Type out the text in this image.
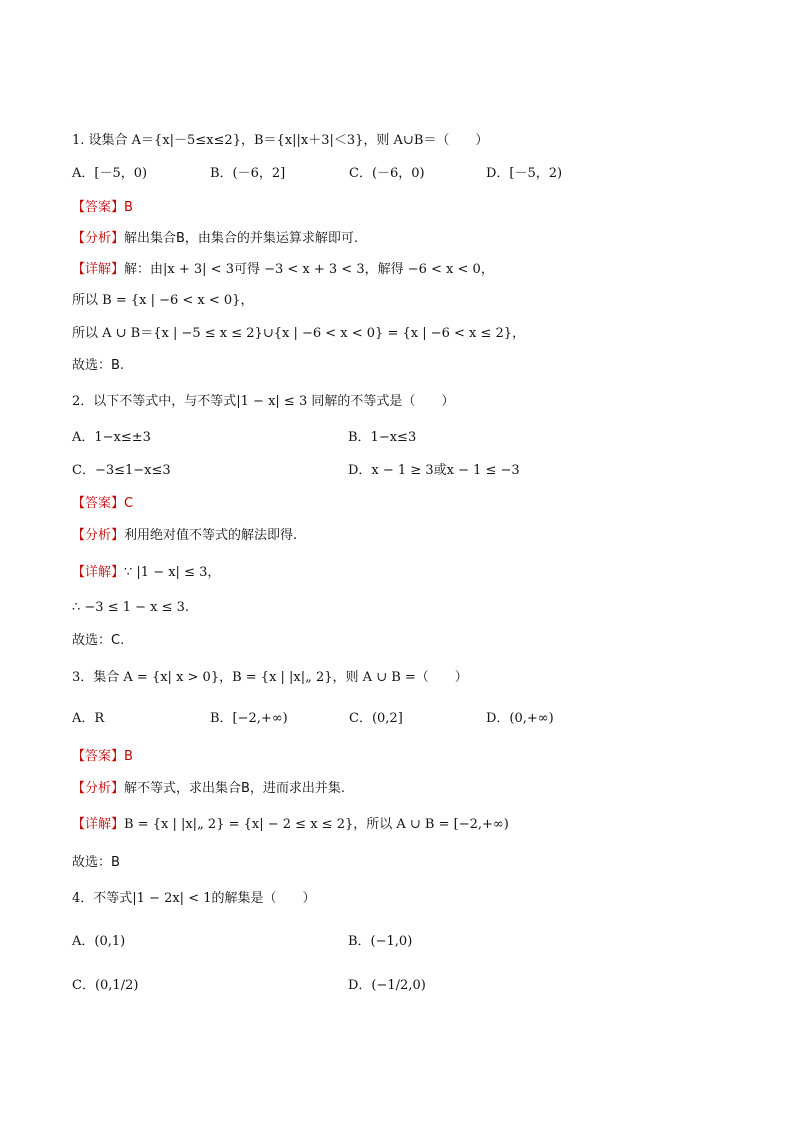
1. 设集合 A＝{x|－5≤x≤2}，B＝{x||x＋3|＜3}，则 A∪B＝（　　）
A．[－5，0)	B．(－6，2]	C．(－6，0)	D．[－5，2)
【答案】B
【分析】解出集合B，由集合的并集运算求解即可.
【详解】解：由|x + 3| < 3可得 −3 < x + 3 < 3，解得 −6 < x < 0，
所以 B = {x | −6 < x < 0}，
所以 A ∪ B＝{x | −5 ≤ x ≤ 2}∪{x | −6 < x < 0} = {x | −6 < x ≤ 2}，
故选：B.
2．以下不等式中，与不等式|1 − x| ≤ 3 同解的不等式是（　　）
A．1−x≤±3	B．1−x≤3
C．−3≤1−x≤3	D．x − 1 ≥ 3或x − 1 ≤ −3
【答案】C
【分析】利用绝对值不等式的解法即得.
【详解】∵ |1 − x| ≤ 3，
∴ −3 ≤ 1 − x ≤ 3.
故选：C.
3．集合 A = {x| x > 0}，B = {x | |x|„ 2}，则 A ∪ B =（　　）
A．R	B．[−2,+∞)	C．(0,2]	D．(0,+∞)
【答案】B
【分析】解不等式，求出集合B，进而求出并集.
【详解】B = {x | |x|„ 2} = {x| − 2 ≤ x ≤ 2}，所以 A ∪ B = [−2,+∞)
故选：B
4．不等式|1 − 2x| < 1的解集是（　　）
A．(0,1)	B．(−1,0)
C．(0,1/2)	D．(−1/2,0)
